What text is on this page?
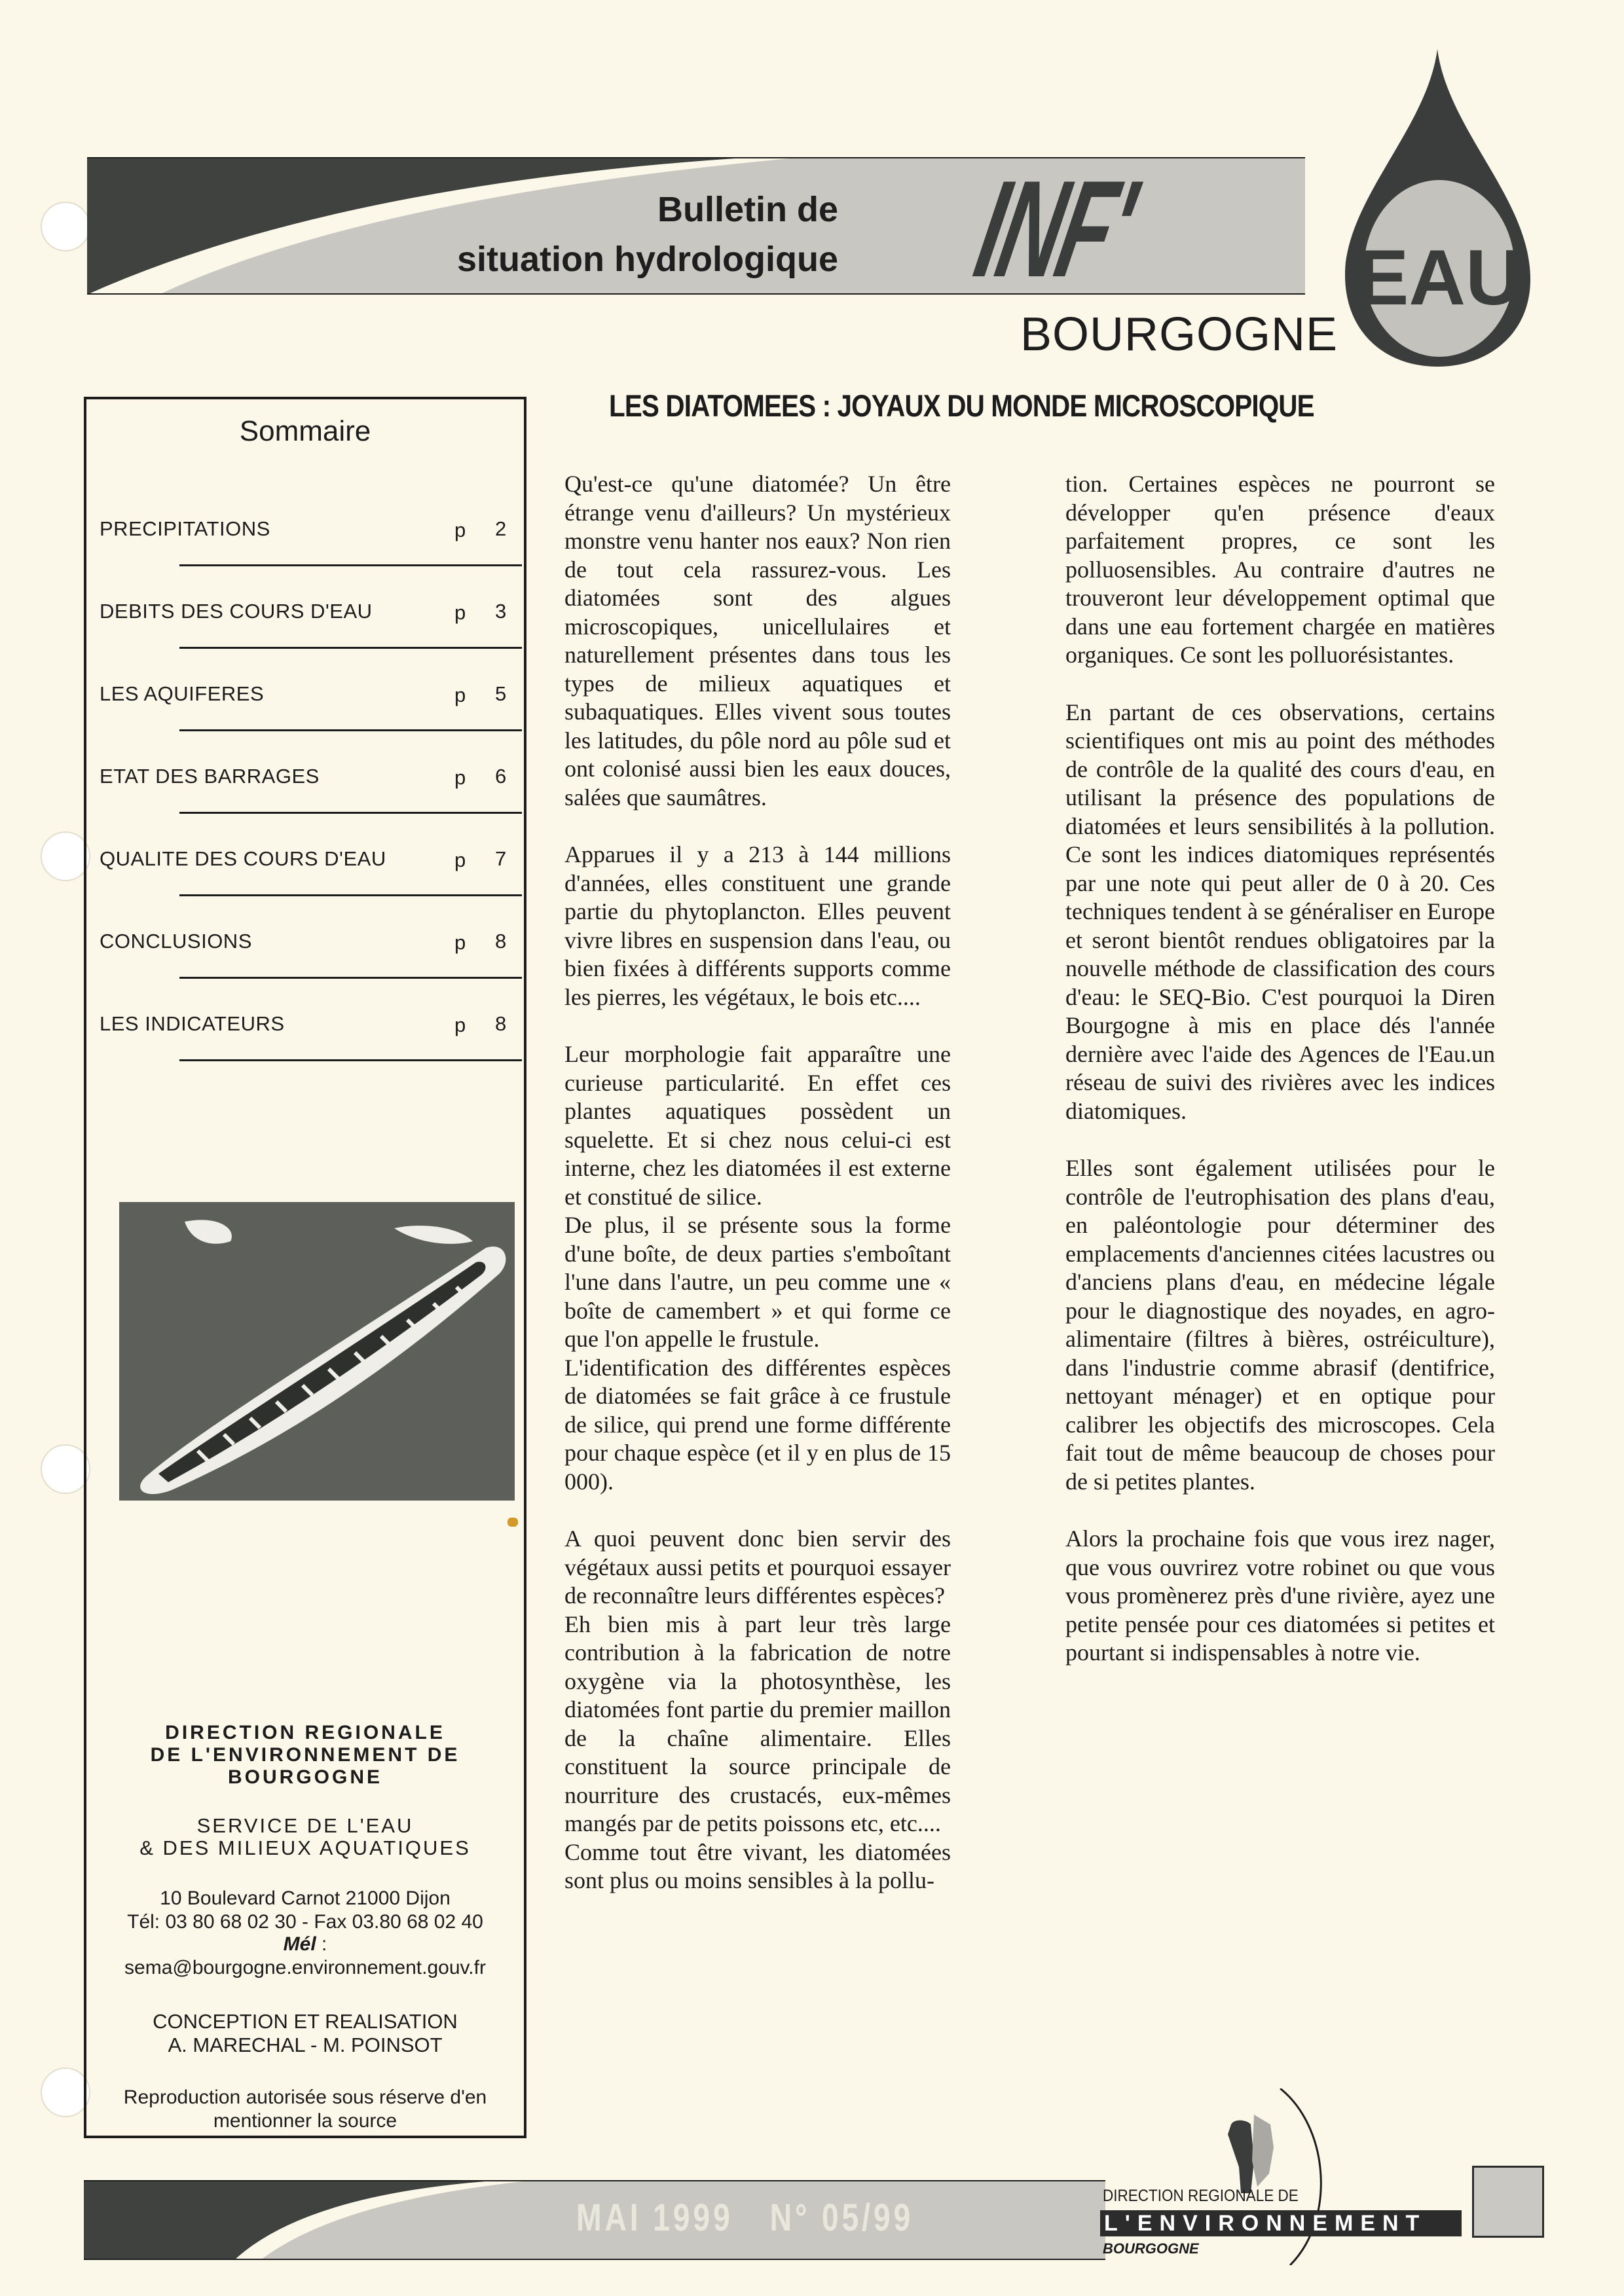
Bulletin de
situation hydrologique INF'	EAU
BOURGOGNE
Sommaire
PRECIPITATIONS	p 2
DEBITS DES COURS D'EAU	p 3
LES AQUIFERES	p 5
ETAT DES BARRAGES	p 6
QUALITE DES COURS D'EAU	p 7
CONCLUSIONS	p 8
LES INDICATEURS	p 8
DIRECTION REGIONALE
DE L'ENVIRONNEMENT DE
BOURGOGNE
SERVICE DE L'EAU
& DES MILIEUX AQUATIQUES
10 Boulevard Carnot 21000 Dijon
Tél: 03 80 68 02 30 - Fax 03.80 68 02 40
Mél :
sema@bourgogne.environnement.gouv.fr
CONCEPTION ET REALISATION
A. MARECHAL - M. POINSOT
Reproduction autorisée sous réserve d'en
mentionner la source
LES DIATOMEES : JOYAUX DU MONDE MICROSCOPIQUE

Qu'est-ce qu'une diatomée? Un être étrange venu d'ailleurs? Un mystérieux monstre venu hanter nos eaux? Non rien de tout cela rassurez-vous. Les diatomées sont des algues microscopiques, unicellulaires et naturellement présentes dans tous les types de milieux aquatiques et subaquatiques. Elles vivent sous toutes les latitudes, du pôle nord au pôle sud et ont colonisé aussi bien les eaux douces, salées que saumâtres.

Apparues il y a 213 à 144 millions d'années, elles constituent une grande partie du phytoplancton. Elles peuvent vivre libres en suspension dans l'eau, ou bien fixées à différents supports comme les pierres, les végétaux, le bois etc....

Leur morphologie fait apparaître une curieuse particularité. En effet ces plantes aquatiques possèdent un squelette. Et si chez nous celui-ci est interne, chez les diatomées il est externe et constitué de silice.

De plus, il se présente sous la forme d'une boîte, de deux parties s'emboîtant l'une dans l'autre, un peu comme une « boîte de camembert » et qui forme ce que l'on appelle le frustule.

L'identification des différentes espèces de diatomées se fait grâce à ce frustule de silice, qui prend une forme différente pour chaque espèce (et il y en plus de 15 000).

A quoi peuvent donc bien servir des végétaux aussi petits et pourquoi essayer de reconnaître leurs différentes espèces?

Eh bien mis à part leur très large contribution à la fabrication de notre oxygène via la photosynthèse, les diatomées font partie du premier maillon de la chaîne alimentaire. Elles constituent la source principale de nourriture des crustacés, eux-mêmes mangés par de petits poissons etc, etc....

Comme tout être vivant, les diatomées sont plus ou moins sensibles à la pollu-

tion. Certaines espèces ne pourront se développer qu'en présence d'eaux parfaitement propres, ce sont les polluosensibles. Au contraire d'autres ne trouveront leur développement optimal que dans une eau fortement chargée en matières organiques. Ce sont les polluorésistantes.

En partant de ces observations, certains scientifiques ont mis au point des méthodes de contrôle de la qualité des cours d'eau, en utilisant la présence des populations de diatomées et leurs sensibilités à la pollution. Ce sont les indices diatomiques représentés par une note qui peut aller de 0 à 20. Ces techniques tendent à se généraliser en Europe et seront bientôt rendues obligatoires par la nouvelle méthode de classification des cours d'eau: le SEQ-Bio. C'est pourquoi la Diren Bourgogne à mis en place dés l'année dernière avec l'aide des Agences de l'Eau.un réseau de suivi des rivières avec les indices diatomiques.

Elles sont également utilisées pour le contrôle de l'eutrophisation des plans d'eau, en paléontologie pour déterminer des emplacements d'anciennes citées lacustres ou d'anciens plans d'eau, en médecine légale pour le diagnostique des noyades, en agro-alimentaire (filtres à bières, ostréiculture), dans l'industrie comme abrasif (dentifrice, nettoyant ménager) et en optique pour calibrer les objectifs des microscopes. Cela fait tout de même beaucoup de choses pour de si petites plantes.

Alors la prochaine fois que vous irez nager, que vous ouvrirez votre robinet ou que vous vous promènerez près d'une rivière, ayez une petite pensée pour ces diatomées si petites et pourtant si indispensables à notre vie.

MAI 1999 N° 05/99
DIRECTION REGIONALE DE
L'ENVIRONNEMENT
BOURGOGNE
